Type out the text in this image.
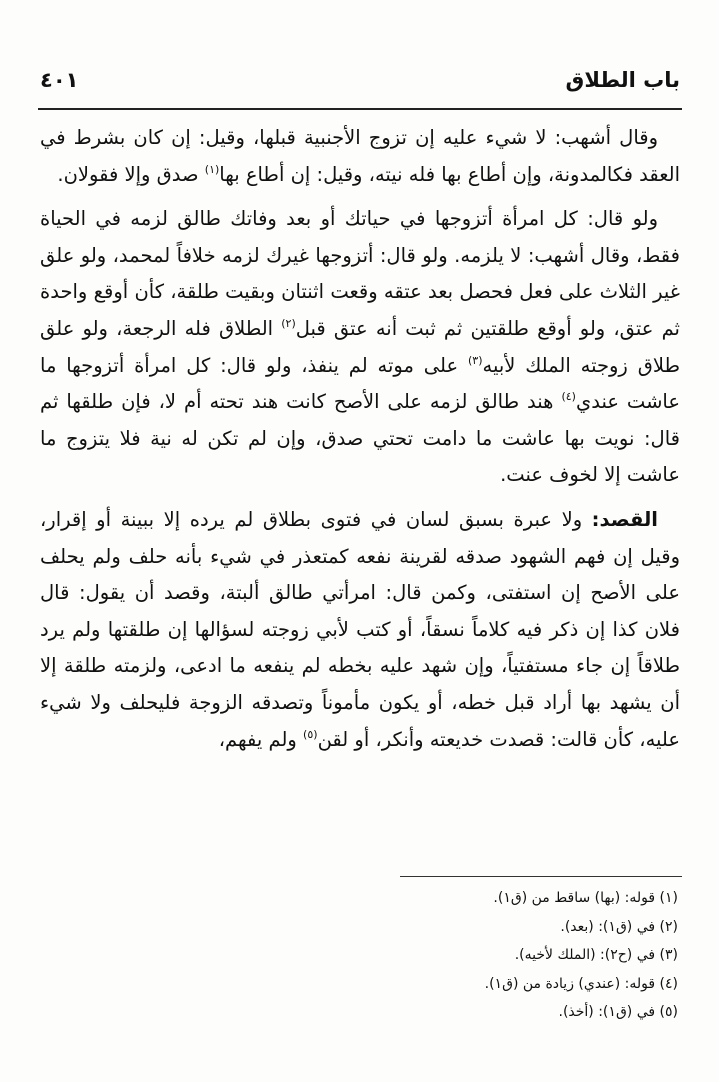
باب الطلاق
٤٠١

وقال أشهب: لا شيء عليه إن تزوج الأجنبية قبلها، وقيل: إن كان بشرط في العقد فكالمدونة، وإن أطاع بها فله نيته، وقيل: إن أطاع بها$^{(١)}$ صدق وإلا فقولان.

ولو قال: كل امرأة أتزوجها في حياتك أو بعد وفاتك طالق لزمه في الحياة فقط، وقال أشهب: لا يلزمه. ولو قال: أتزوجها غيرك لزمه خلافاً لمحمد، ولو علق غير الثلاث على فعل فحصل بعد عتقه وقعت اثنتان وبقيت طلقة، كأن أوقع واحدة ثم عتق، ولو أوقع طلقتين ثم ثبت أنه عتق قبل$^{(٢)}$ الطلاق فله الرجعة، ولو علق طلاق زوجته الملك لأبيه$^{(٣)}$ على موته لم ينفذ، ولو قال: كل امرأة أتزوجها ما عاشت عندي$^{(٤)}$ هند طالق لزمه على الأصح كانت هند تحته أم لا، فإن طلقها ثم قال: نويت بها عاشت ما دامت تحتي صدق، وإن لم تكن له نية فلا يتزوج ما عاشت إلا لخوف عنت.

القصد: ولا عبرة بسبق لسان في فتوى بطلاق لم يرده إلا ببينة أو إقرار، وقيل إن فهم الشهود صدقه لقرينة نفعه كمتعذر في شيء بأنه حلف ولم يحلف على الأصح إن استفتى، وكمن قال: امرأتي طالق ألبتة، وقصد أن يقول: قال فلان كذا إن ذكر فيه كلاماً نسقاً، أو كتب لأبي زوجته لسؤالها إن طلقتها ولم يرد طلاقاً إن جاء مستفتياً، وإن شهد عليه بخطه لم ينفعه ما ادعى، ولزمته طلقة إلا أن يشهد بها أراد قبل خطه، أو يكون مأموناً وتصدقه الزوجة فليحلف ولا شيء عليه، كأن قالت: قصدت خديعته وأنكر، أو لقن$^{(٥)}$ ولم يفهم،

(١) قوله: (بها) ساقط من (ق١).
(٢) في (ق١): (بعد).
(٣) في (ح٢): (الملك لأخيه).
(٤) قوله: (عندي) زيادة من (ق١).
(٥) في (ق١): (أخذ).
